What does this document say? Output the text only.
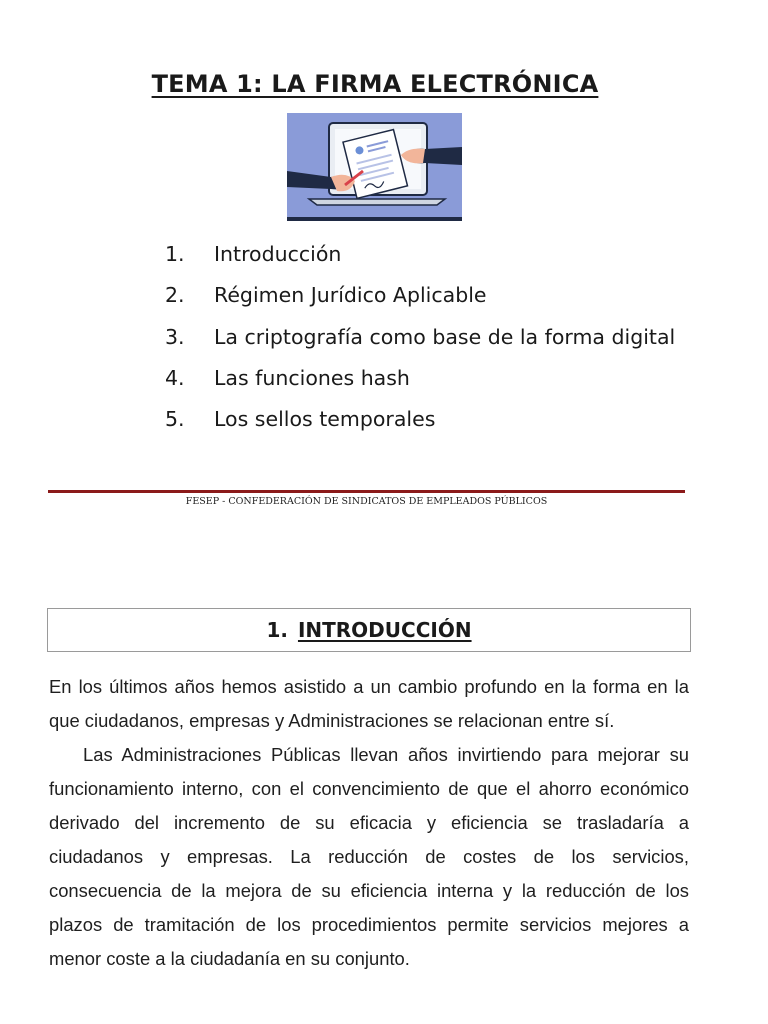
TEMA 1: LA FIRMA ELECTRÓNICA
1. Introducción
2. Régimen Jurídico Aplicable
3. La criptografía como base de la forma digital
4. Las funciones hash
5. Los sellos temporales
FESEP - CONFEDERACIÓN DE SINDICATOS DE EMPLEADOS PÚBLICOS
1. INTRODUCCIÓN

En los últimos años hemos asistido a un cambio profundo en la forma en la que ciudadanos, empresas y Administraciones se relacionan entre sí.

Las Administraciones Públicas llevan años invirtiendo para mejorar su funcionamiento interno, con el convencimiento de que el ahorro económico derivado del incremento de su eficacia y eficiencia se trasladaría a ciudadanos y empresas. La reducción de costes de los servicios, consecuencia de la mejora de su eficiencia interna y la reducción de los plazos de tramitación de los procedimientos permite servicios mejores a menor coste a la ciudadanía en su conjunto.
